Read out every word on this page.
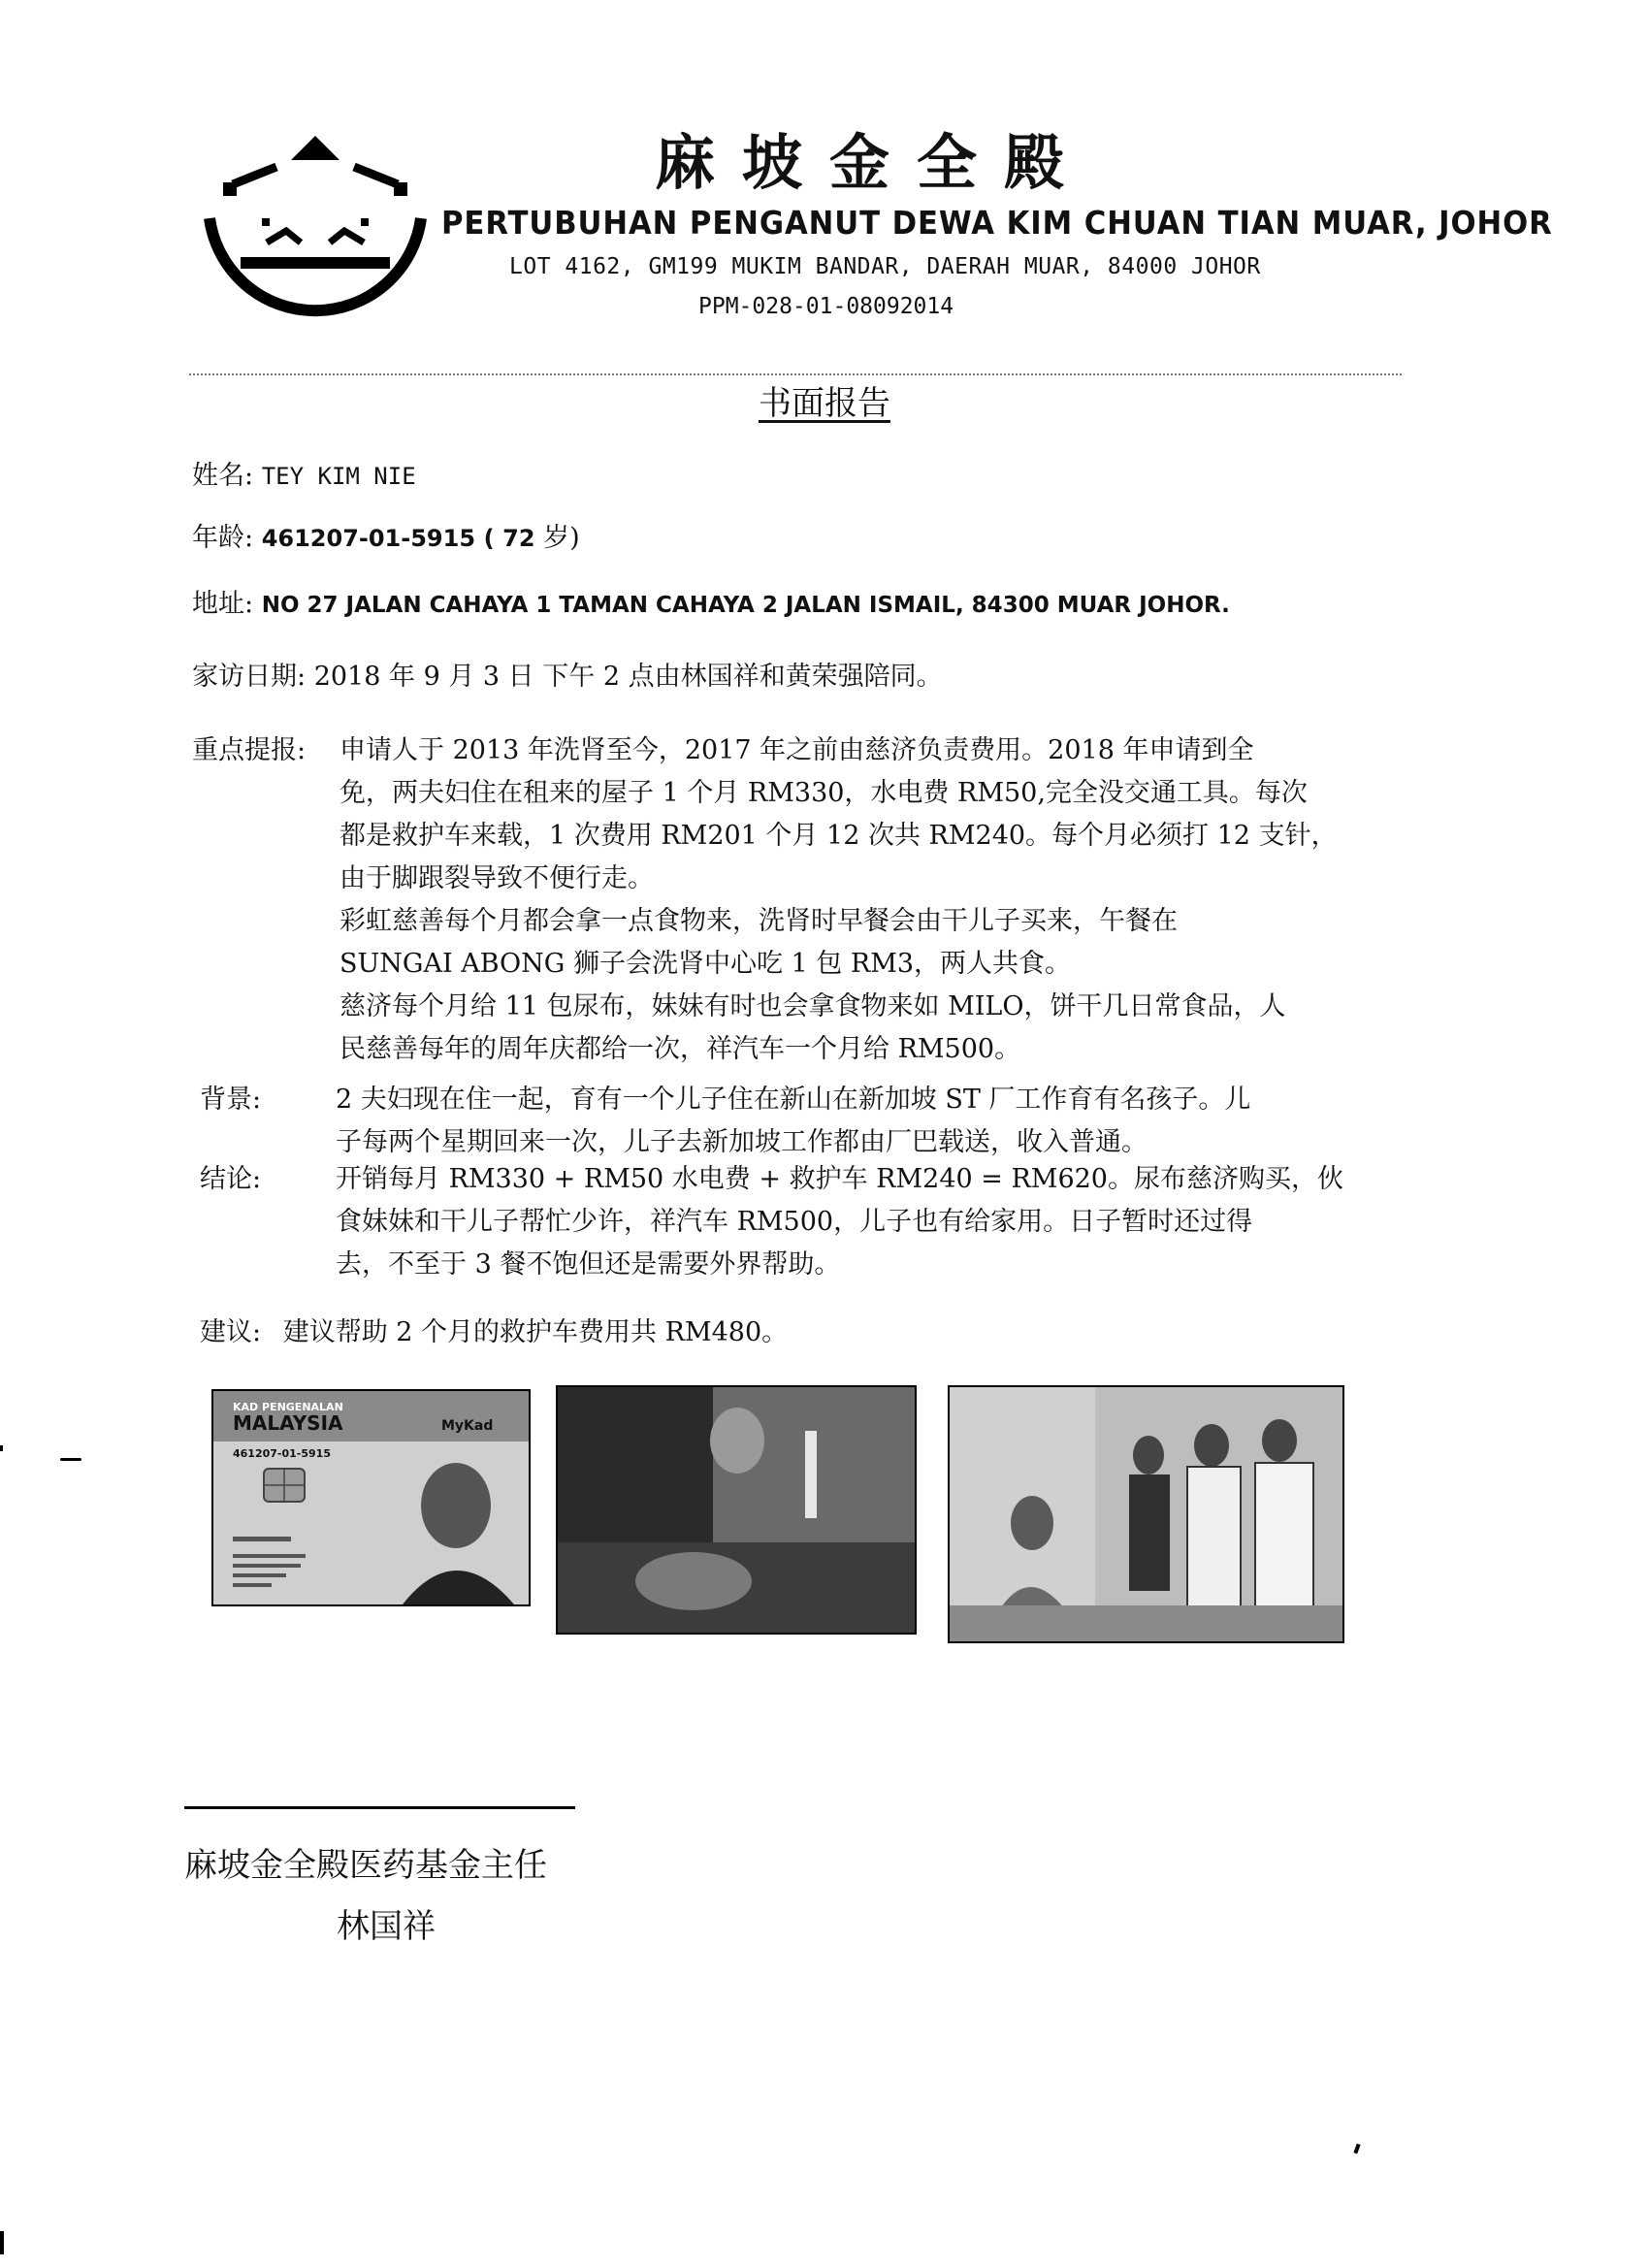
麻坡金全殿
PERTUBUHAN PENGANUT DEWA KIM CHUAN TIAN MUAR, JOHOR
LOT 4162, GM199 MUKIM BANDAR, DAERAH MUAR, 84000 JOHOR
PPM-028-01-08092014
书面报告
姓名: TEY KIM NIE
年龄: 461207-01-5915 ( 72 岁)
地址: NO 27 JALAN CAHAYA 1 TAMAN CAHAYA 2 JALAN ISMAIL, 84300 MUAR JOHOR.
家访日期: 2018 年 9 月 3 日 下午 2 点由林国祥和黄荣强陪同。
重点提报: 申请人于 2013 年洗肾至今，2017 年之前由慈济负责费用。2018 年申请到全

免，两夫妇住在租来的屋子 1 个月 RM330，水电费 RM50,完全没交通工具。每次

都是救护车来载，1 次费用 RM201 个月 12 次共 RM240。每个月必须打 12 支针，

由于脚跟裂导致不便行走。

彩虹慈善每个月都会拿一点食物来，洗肾时早餐会由干儿子买来，午餐在

SUNGAI ABONG 狮子会洗肾中心吃 1 包 RM3，两人共食。

慈济每个月给 11 包尿布，妹妹有时也会拿食物来如 MILO，饼干几日常食品，人

民慈善每年的周年庆都给一次，祥汽车一个月给 RM500。

背景:	2 夫妇现在住一起，育有一个儿子住在新山在新加坡 ST 厂工作育有名孩子。儿

子每两个星期回来一次，儿子去新加坡工作都由厂巴载送，收入普通。

结论:	开销每月 RM330 + RM50 水电费 + 救护车 RM240 = RM620。尿布慈济购买，伙

食妹妹和干儿子帮忙少许，祥汽车 RM500，儿子也有给家用。日子暂时还过得

去，不至于 3 餐不饱但还是需要外界帮助。

建议: 建议帮助 2 个月的救护车费用共 RM480。
KAD PENGENALAN
MALAYSIA	MyKad
461207-01-5915
麻坡金全殿医药基金主任
林国祥
